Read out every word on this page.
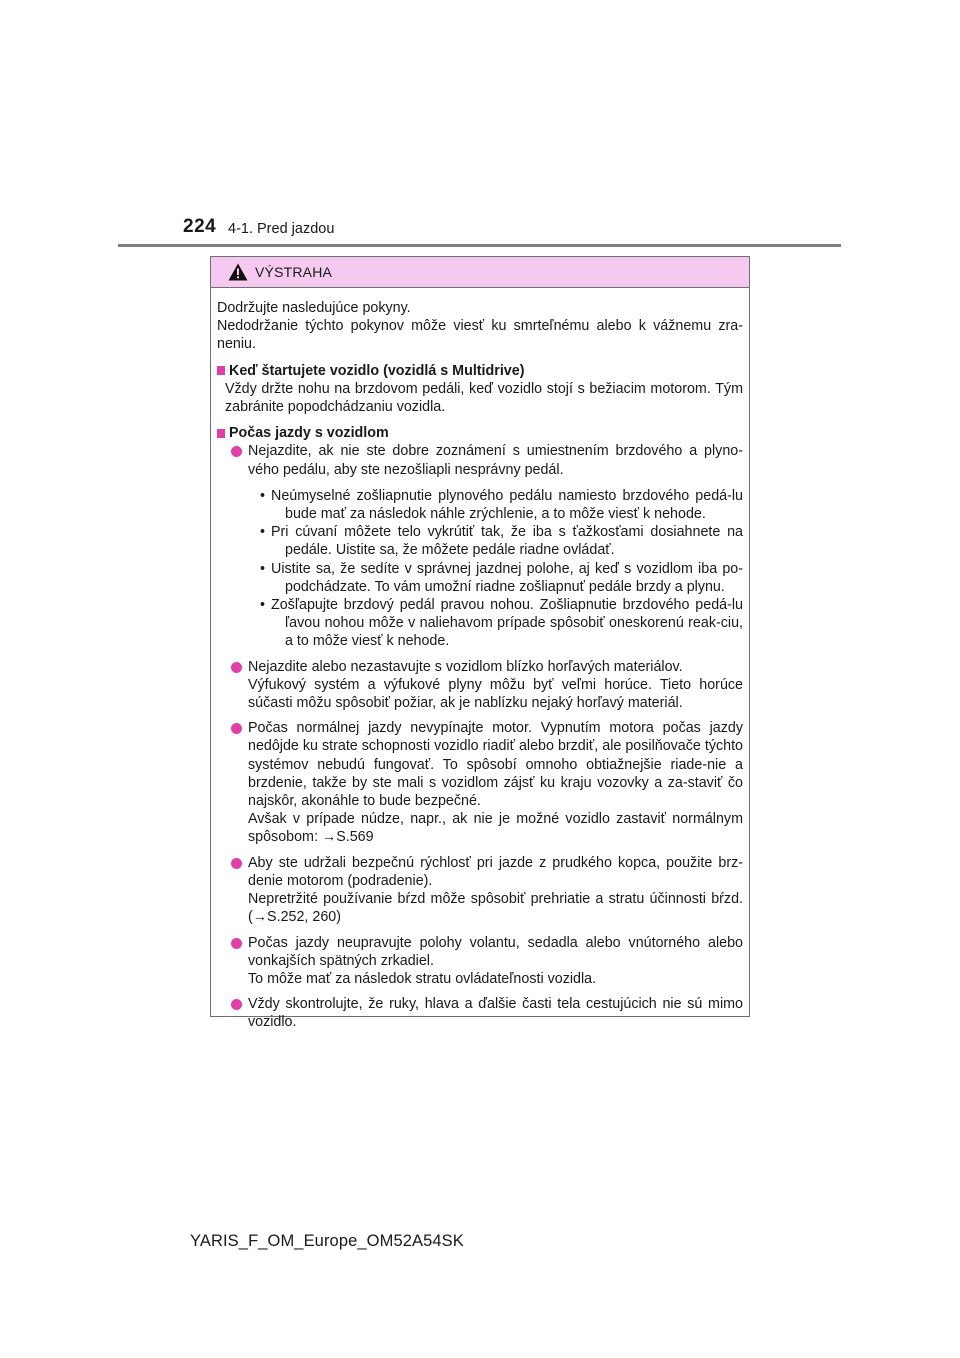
224 4-1. Pred jazdou
VÝSTRAHA

Dodržujte nasledujúce pokyny.

Nedodržanie týchto pokynov môže viesť ku smrteľnému alebo k vážnemu zra-neniu.

Keď štartujete vozidlo (vozidlá s Multidrive)

Vždy držte nohu na brzdovom pedáli, keď vozidlo stojí s bežiacim motorom. Tým zabránite popodchádzaniu vozidla.

Počas jazdy s vozidlom

Nejazdite, ak nie ste dobre zoznámení s umiestnením brzdového a plyno-vého pedálu, aby ste nezošliapli nesprávny pedál.

• Neúmyselné zošliapnutie plynového pedálu namiesto brzdového pedá-lu bude mať za následok náhle zrýchlenie, a to môže viesť k nehode.
• Pri cúvaní môžete telo vykrútiť tak, že iba s ťažkosťami dosiahnete na pedále. Uistite sa, že môžete pedále riadne ovládať.
• Uistite sa, že sedíte v správnej jazdnej polohe, aj keď s vozidlom iba po-podchádzate. To vám umožní riadne zošliapnuť pedále brzdy a plynu.
• Zošľapujte brzdový pedál pravou nohou. Zošliapnutie brzdového pedá-lu ľavou nohou môže v naliehavom prípade spôsobiť oneskorenú reak-ciu, a to môže viesť k nehode.

Nejazdite alebo nezastavujte s vozidlom blízko horľavých materiálov.

Výfukový systém a výfukové plyny môžu byť veľmi horúce. Tieto horúce súčasti môžu spôsobiť požiar, ak je nablízku nejaký horľavý materiál.

Počas normálnej jazdy nevypínajte motor. Vypnutím motora počas jazdy nedôjde ku strate schopnosti vozidlo riadiť alebo brzdiť, ale posilňovače týchto systémov nebudú fungovať. To spôsobí omnoho obtiažnejšie riade-nie a brzdenie, takže by ste mali s vozidlom zájsť ku kraju vozovky a za-staviť čo najskôr, akonáhle to bude bezpečné.

Avšak v prípade núdze, napr., ak nie je možné vozidlo zastaviť normálnym spôsobom: →S.569

Aby ste udržali bezpečnú rýchlosť pri jazde z prudkého kopca, použite brz-denie motorom (podradenie).

Nepretržité používanie bŕzd môže spôsobiť prehriatie a stratu účinnosti bŕzd. (→S.252, 260)

Počas jazdy neupravujte polohy volantu, sedadla alebo vnútorného alebo vonkajších spätných zrkadiel.

To môže mať za následok stratu ovládateľnosti vozidla.

Vždy skontrolujte, že ruky, hlava a ďalšie časti tela cestujúcich nie sú mimo vozidlo.

YARIS_F_OM_Europe_OM52A54SK
